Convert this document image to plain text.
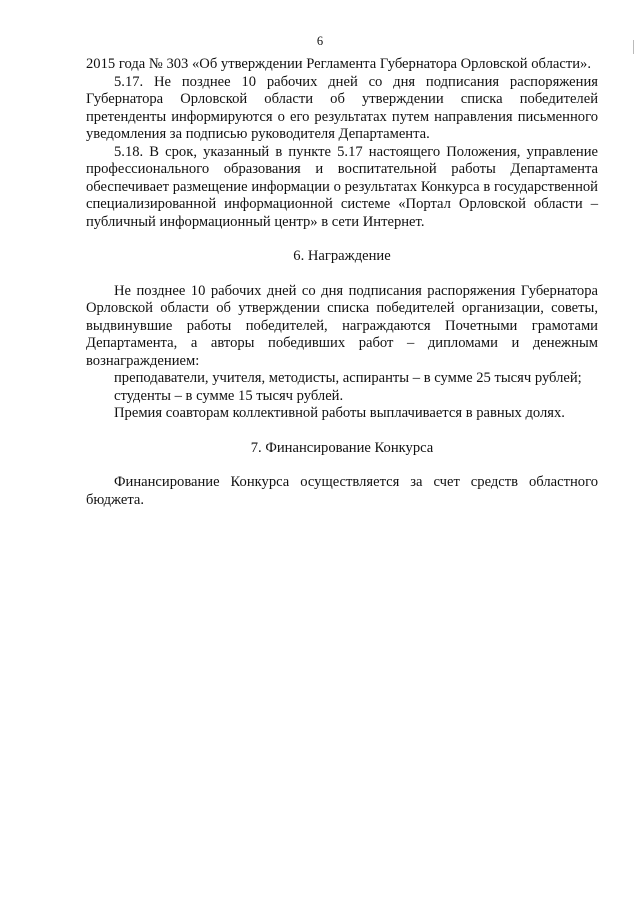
6

2015 года № 303 «Об утверждении Регламента Губернатора Орловской области».

5.17. Не позднее 10 рабочих дней со дня подписания распоряжения Губернатора Орловской области об утверждении списка победителей претенденты информируются о его результатах путем направления письменного уведомления за подписью руководителя Департамента.

5.18. В срок, указанный в пункте 5.17 настоящего Положения, управление профессионального образования и воспитательной работы Департамента обеспечивает размещение информации о результатах Конкурса в государственной специализированной информационной системе «Портал Орловской области – публичный информационный центр» в сети Интернет.

6. Награждение

Не позднее 10 рабочих дней со дня подписания распоряжения Губернатора Орловской области об утверждении списка победителей организации, советы, выдвинувшие работы победителей, награждаются Почетными грамотами Департамента, а авторы победивших работ – дипломами и денежным вознаграждением:

преподаватели, учителя, методисты, аспиранты – в сумме 25 тысяч рублей;

студенты – в сумме 15 тысяч рублей.

Премия соавторам коллективной работы выплачивается в равных долях.

7. Финансирование Конкурса

Финансирование Конкурса осуществляется за счет средств областного бюджета.
